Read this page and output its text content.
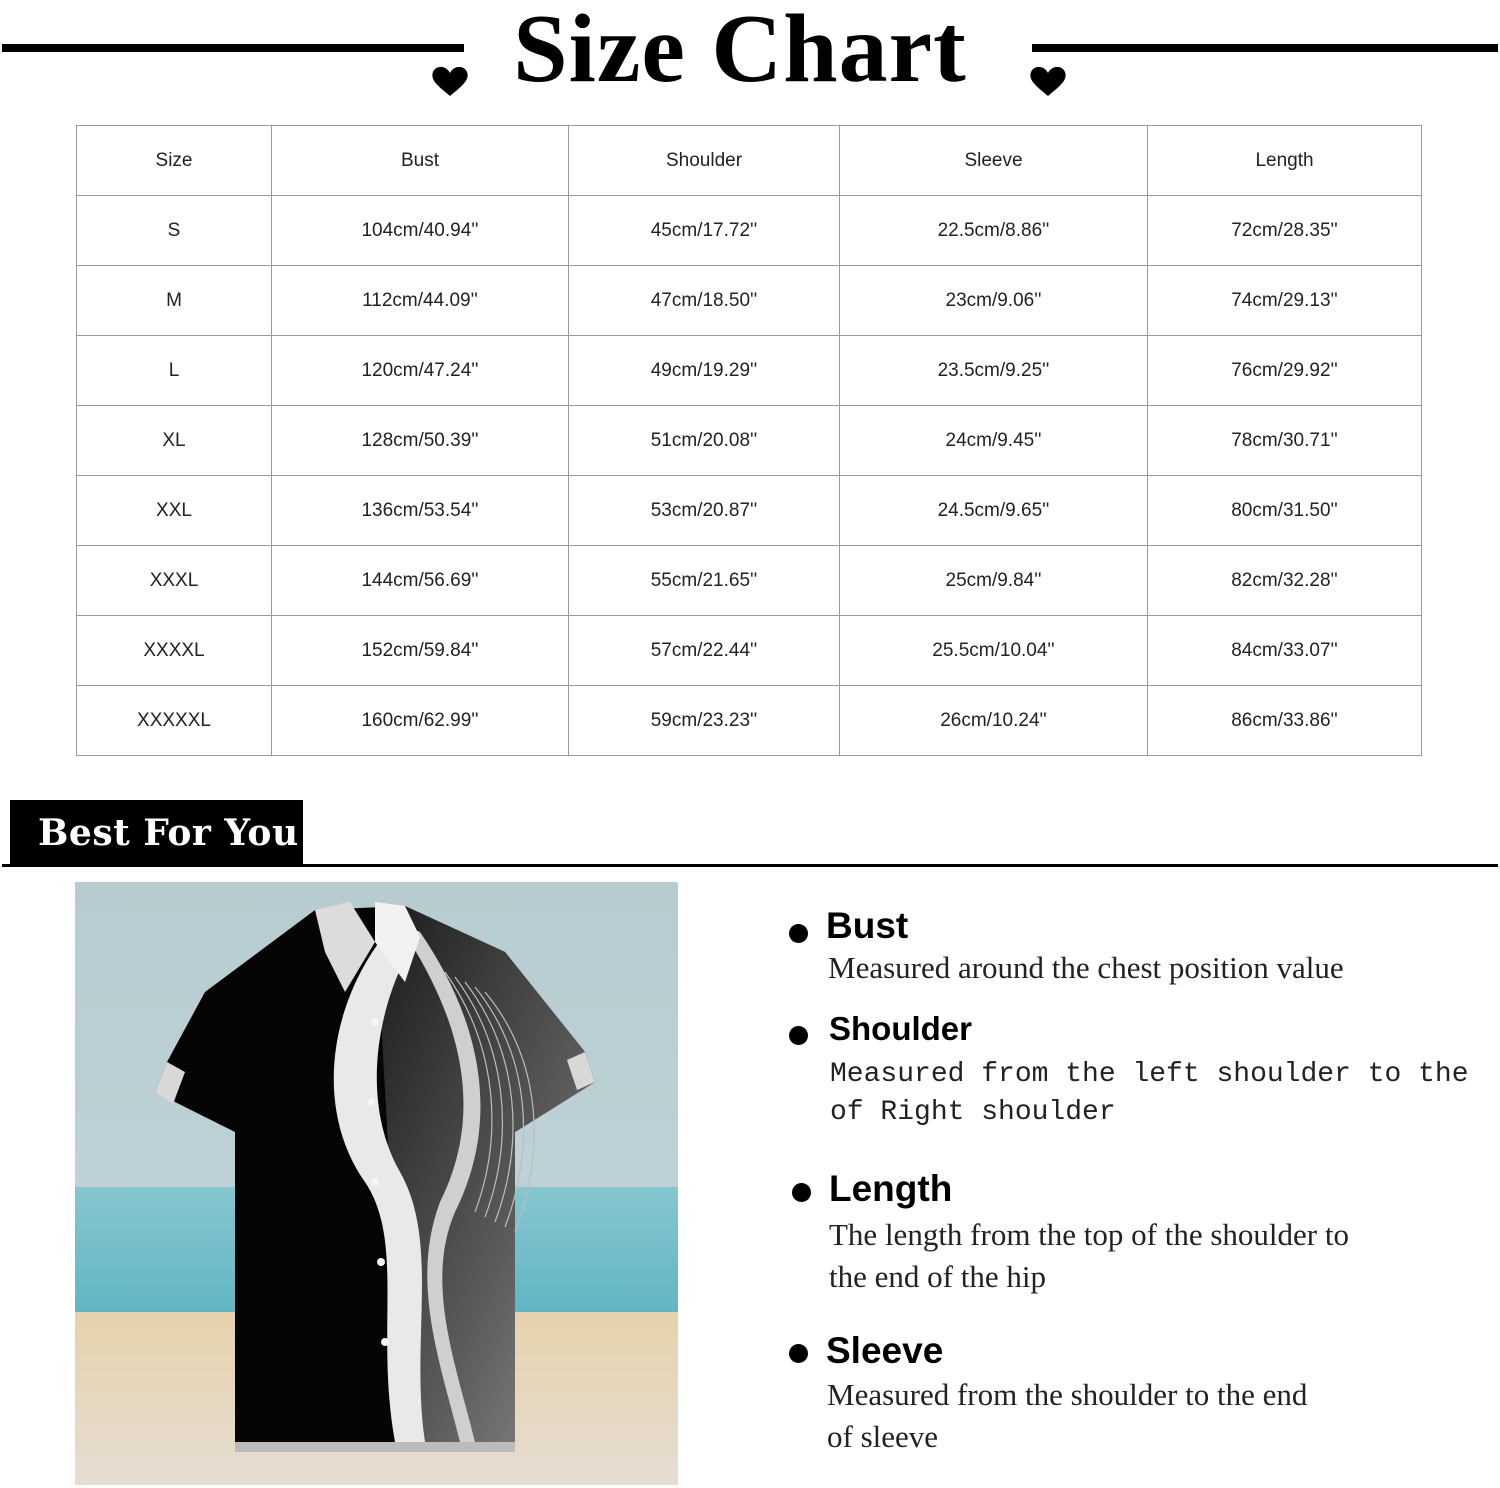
Size Chart
Size	Bust	Shoulder	Sleeve	Length
S	104cm/40.94''	45cm/17.72''	22.5cm/8.86''	72cm/28.35''
M	112cm/44.09''	47cm/18.50''	23cm/9.06''	74cm/29.13''
L	120cm/47.24''	49cm/19.29''	23.5cm/9.25''	76cm/29.92''
XL	128cm/50.39''	51cm/20.08''	24cm/9.45''	78cm/30.71''
XXL	136cm/53.54''	53cm/20.87''	24.5cm/9.65''	80cm/31.50''
XXXL	144cm/56.69''	55cm/21.65''	25cm/9.84''	82cm/32.28''
XXXXL	152cm/59.84''	57cm/22.44''	25.5cm/10.04''	84cm/33.07''
XXXXXL	160cm/62.99''	59cm/23.23''	26cm/10.24''	86cm/33.86''
Best For You
Bust
Measured around the chest position value
Shoulder
Measured from the left shoulder to the
of Right shoulder
Length
The length from the top of the shoulder to
the end of the hip
Sleeve
Measured from the shoulder to the end
of sleeve
